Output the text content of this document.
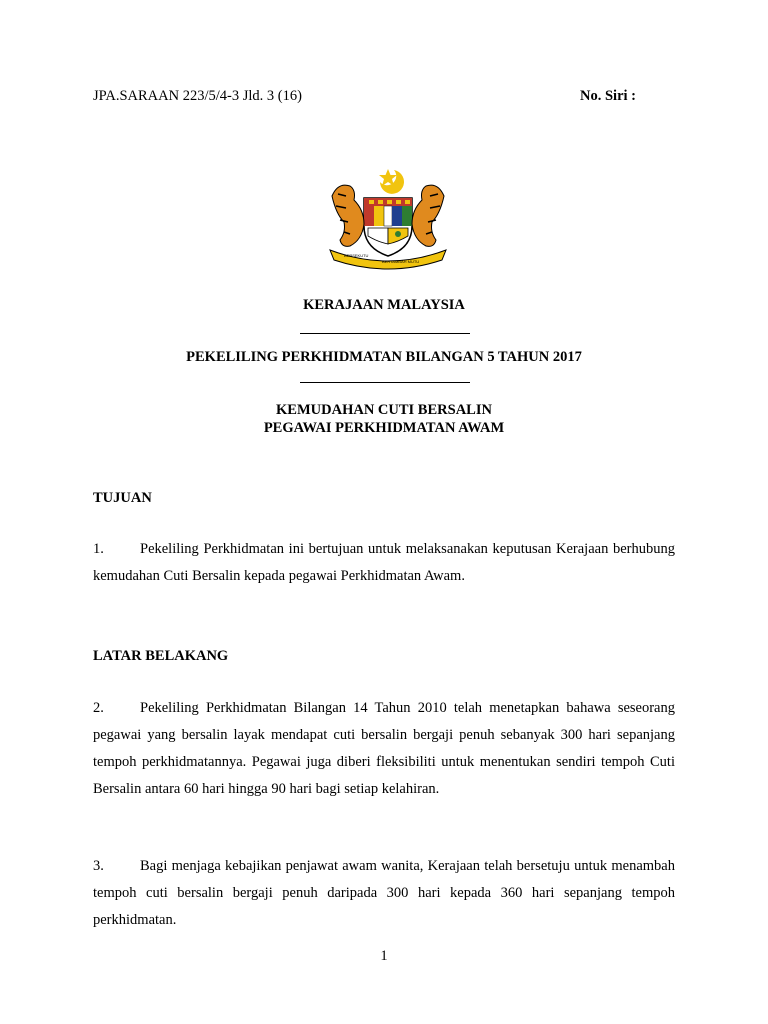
JPA.SARAAN 223/5/4-3 Jld. 3 (16)	No. Siri :
BERSEKUTU
BERTAMBAH MUTU
KERAJAAN MALAYSIA
PEKELILING PERKHIDMATAN BILANGAN 5 TAHUN 2017
KEMUDAHAN CUTI BERSALIN
PEGAWAI PERKHIDMATAN AWAM
TUJUAN
1. Pekeliling Perkhidmatan ini bertujuan untuk melaksanakan keputusan Kerajaan berhubung kemudahan Cuti Bersalin kepada pegawai Perkhidmatan Awam.
LATAR BELAKANG
2. Pekeliling Perkhidmatan Bilangan 14 Tahun 2010 telah menetapkan bahawa seseorang pegawai yang bersalin layak mendapat cuti bersalin bergaji penuh sebanyak 300 hari sepanjang tempoh perkhidmatannya. Pegawai juga diberi fleksibiliti untuk menentukan sendiri tempoh Cuti Bersalin antara 60 hari hingga 90 hari bagi setiap kelahiran.
3. Bagi menjaga kebajikan penjawat awam wanita, Kerajaan telah bersetuju untuk menambah tempoh cuti bersalin bergaji penuh daripada 300 hari kepada 360 hari sepanjang tempoh perkhidmatan.
1
